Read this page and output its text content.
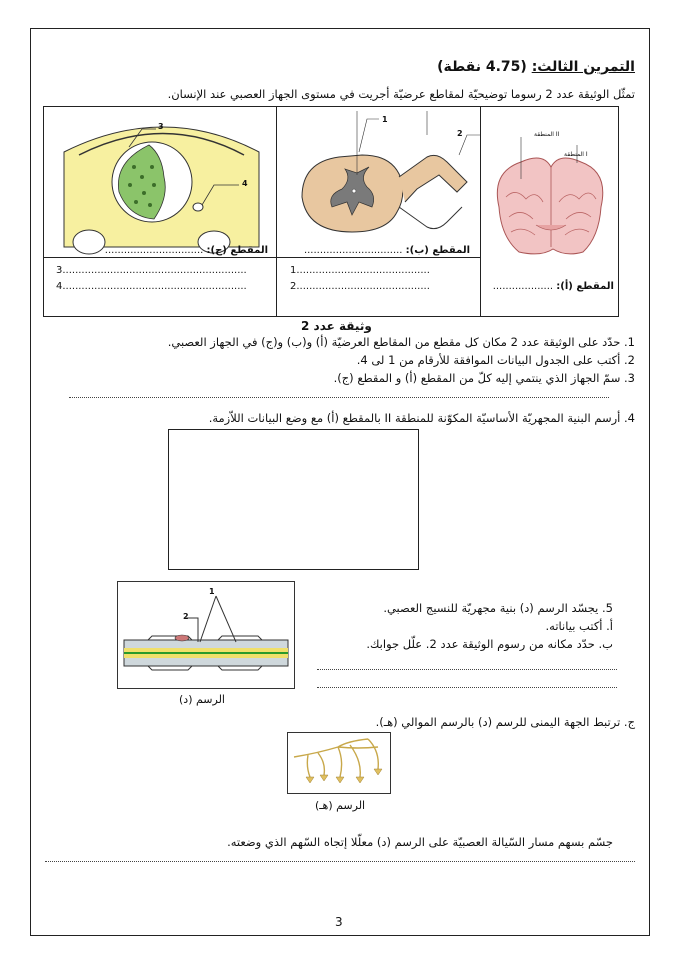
التمرين الثالث: (4.75 نقطة)
تمثّل الوثيقة عدد 2 رسوما توضيحيّة لمقاطع عرضيّة أجريت في مستوى الجهاز العصبي عند الإنسان.
3
4
1
2	المنطقة II
المنطقة I
المقطع (ج): ...............................	المقطع (ب): ...............................
المقطع (أ): ...................
3..........................................................
4..........................................................
1..........................................
2..........................................
وثيقة عدد 2
1. حدّد على الوثيقة عدد 2 مكان كل مقطع من المقاطع العرضيّة (أ) و(ب) و(ج) في الجهاز العصبي.
2. أكتب على الجدول البيانات الموافقة للأرقام من 1 لى 4.
3. سمّ الجهاز الذي ينتمي إليه كلّ من المقطع (أ) و المقطع (ج).
4. أرسم البنية المجهريّة الأساسيّة المكوّنة للمنطقة II بالمقطع (أ) مع وضع البيانات اللاّزمة.
1
2
الرسم (د)
5. يجسّد الرسم (د) بنية مجهريّة للنسيج العصبي.
أ. أكتب بياناته.
ب. حدّد مكانه من رسوم الوثيقة عدد 2. علّل جوابك.
ج. ترتبط الجهة اليمنى للرسم (د) بالرسم الموالي (هـ).
الرسم (هـ)
جسّم بسهم مسار السّيالة العصبيّة على الرسم (د) معلّلا إتجاه السّهم الذي وضعته.
3
